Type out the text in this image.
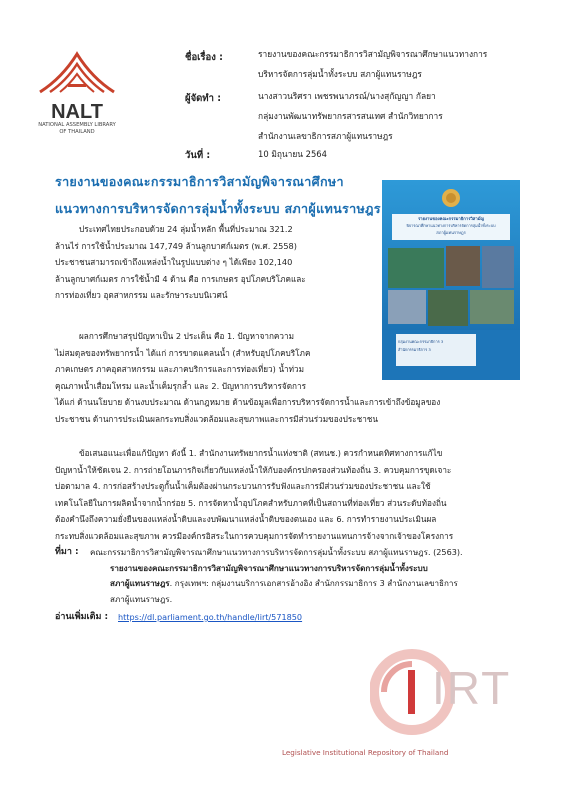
NALT
NATIONAL ASSEMBLY LIBRARY
OF THAILAND
ชื่อเรื่อง :	รายงานของคณะกรรมาธิการวิสามัญพิจารณาศึกษาแนวทางการ
บริหารจัดการลุ่มน้ำทั้งระบบ สภาผู้แทนราษฎร
ผู้จัดทำ :	นางสาวนริศรา เพชรพนาภรณ์/นางสุกัญญา กัลยา
กลุ่มงานพัฒนาทรัพยากรสารสนเทศ สำนักวิทยาการ
สำนักงานเลขาธิการสภาผู้แทนราษฎร
วันที่ :	10 มิถุนายน 2564
รายงานของคณะกรรมาธิการวิสามัญพิจารณาศึกษา
แนวทางการบริหารจัดการลุ่มน้ำทั้งระบบ สภาผู้แทนราษฎร
รายงานของคณะกรรมาธิการวิสามัญ
พิจารณาศึกษาแนวทางการบริหารจัดการลุ่มน้ำทั้งระบบ
สภาผู้แทนราษฎร
กลุ่มงานคณะกรรมาธิการ 3
สำนักกรรมาธิการ 3
ประเทศไทยประกอบด้วย 24 ลุ่มน้ำหลัก พื้นที่ประมาณ 321.2
ล้านไร่ การใช้น้ำประมาณ 147,749 ล้านลูกบาศก์เมตร (พ.ศ. 2558)
ประชาชนสามารถเข้าถึงแหล่งน้ำในรูปแบบต่าง ๆ ได้เพียง 102,140
ล้านลูกบาศก์เมตร การใช้น้ำมี 4 ด้าน คือ การเกษตร อุปโภคบริโภคและ
การท่องเที่ยว อุตสาหกรรม และรักษาระบบนิเวศน์
ผลการศึกษาสรุปปัญหาเป็น 2 ประเด็น คือ 1. ปัญหาจากความ
ไม่สมดุลของทรัพยากรน้ำ ได้แก่ การขาดแคลนน้ำ (สำหรับอุปโภคบริโภค
ภาคเกษตร ภาคอุตสาหกรรม และภาคบริการและการท่องเที่ยว) น้ำท่วม
คุณภาพน้ำเสื่อมโทรม และน้ำเค็มรุกล้ำ และ 2. ปัญหาการบริหารจัดการ
ได้แก่ ด้านนโยบาย ด้านงบประมาณ ด้านกฎหมาย ด้านข้อมูลเพื่อการบริหารจัดการน้ำและการเข้าถึงข้อมูลของ
ประชาชน ด้านการประเมินผลกระทบสิ่งแวดล้อมและสุขภาพและการมีส่วนร่วมของประชาชน
ข้อเสนอแนะเพื่อแก้ปัญหา ดังนี้ 1. สำนักงานทรัพยากรน้ำแห่งชาติ (สทนช.) ควรกำหนดทิศทางการแก้ไข
ปัญหาน้ำให้ชัดเจน 2. การถ่ายโอนภารกิจเกี่ยวกับแหล่งน้ำให้กับองค์กรปกครองส่วนท้องถิ่น 3. ควบคุมการขุดเจาะ
บ่อตามาล 4. การก่อสร้างประตูกั้นน้ำเค็มต้องผ่านกระบวนการรับฟังและการมีส่วนร่วมของประชาชน และใช้
เทคโนโลยีในการผลิตน้ำจากน้ำกร่อย 5. การจัดหาน้ำอุปโภคสำหรับภาคที่เป็นสถานที่ท่องเที่ยว ส่วนระดับท้องถิ่น
ต้องคำนึงถึงความยั่งยืนของแหล่งน้ำดิบและงบพัฒนาแหล่งน้ำดิบของตนเอง และ 6. การทำรายงานประเมินผล
กระทบสิ่งแวดล้อมและสุขภาพ ควรมีองค์กรอิสระในการควบคุมการจัดทำรายงานแทนการจ้างจากเจ้าของโครงการ
ที่มา : คณะกรรมาธิการวิสามัญพิจารณาศึกษาแนวทางการบริหารจัดการลุ่มน้ำทั้งระบบ สภาผู้แทนราษฎร. (2563).
รายงานของคณะกรรมาธิการวิสามัญพิจารณาศึกษาแนวทางการบริหารจัดการลุ่มน้ำทั้งระบบ
สภาผู้แทนราษฎร. กรุงเทพฯ: กลุ่มงานบริการเอกสารอ้างอิง สำนักกรรมาธิการ 3 สำนักงานเลขาธิการ
สภาผู้แทนราษฎร.
อ่านเพิ่มเติม : https://dl.parliament.go.th/handle/lirt/571850
IRT
Legislative Institutional Repository of Thailand
